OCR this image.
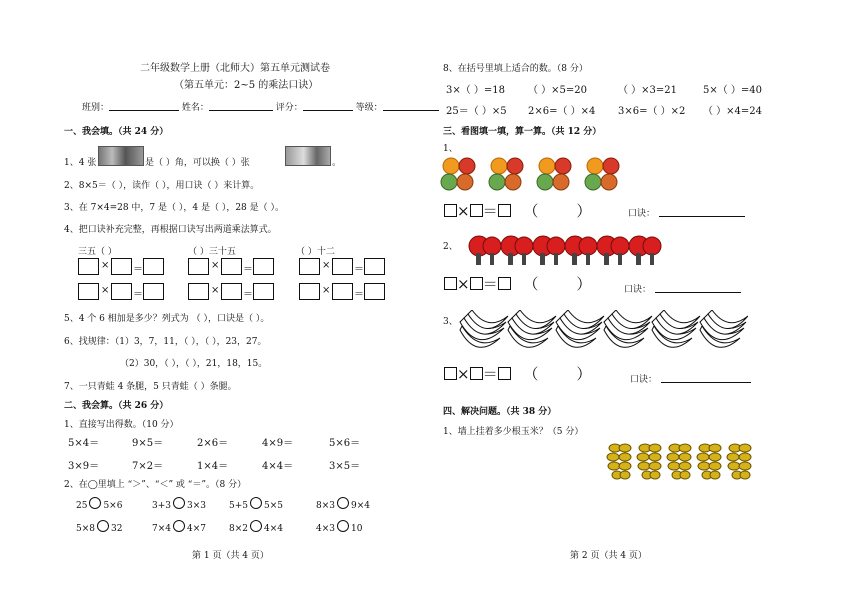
二年级数学上册（北师大）第五单元测试卷
（第五单元：2~5 的乘法口诀）
班别：	姓名：	评分：	等级：
一、我会填。（共 24 分）
1、4 张	是（ ）角，可以换（ ）张	。
2、8×5＝（ ），读作（ ），用口诀（ ）来计算。
3、在 7×4=28 中，7 是（ ），4 是（ ），28 是（ ）。
4、把口诀补充完整，再根据口诀写出两道乘法算式。
三五（ ）	（ ）三十五	（ ）十二
× ＝	× ＝	× ＝
× ＝	× ＝	× ＝
5、4 个 6 相加是多少？列式为 （ ），口诀是（ ）。
6、找规律：（1）3，7，11，（ ），（ ），23，27。
（2）30，（ ），（ ），21，18，15。
7、一只青蛙 4 条腿，5 只青蛙（ ）条腿。
二、我会算。（共 26 分）
1、直接写出得数。（10 分）
5×4＝	9×5＝	2×6＝	4×9＝	5×6＝
3×9＝	7×2＝	1×4＝	4×4＝	3×5＝
2、在◯里填上 “＞”、“＜” 或 “＝”。（8 分）
25 5×6	3+3 3×3	5+5 5×5	8×3 9×4
5×8 32	7×4 4×7	8×2 4×4	4×3 10
第 1 页（共 4 页）
8、在括号里填上适合的数。（8 分）
3×（ ）=18 （ ）×5=20	（ ）×3=21	5×（ ）=40
25＝（ ）×5 2×6=（ ）×4 3×6=（ ）×2 （ ）×4=24
三、看图填一填，算一算。（共 12 分）
1、
× ＝ （	）	口诀：
2、
× ＝ （	）	口诀：
3、
× ＝ （	）	口诀：
四、解决问题。（共 38 分）
1、墙上挂着多少根玉米？（5 分）
第 2 页（共 4 页）
